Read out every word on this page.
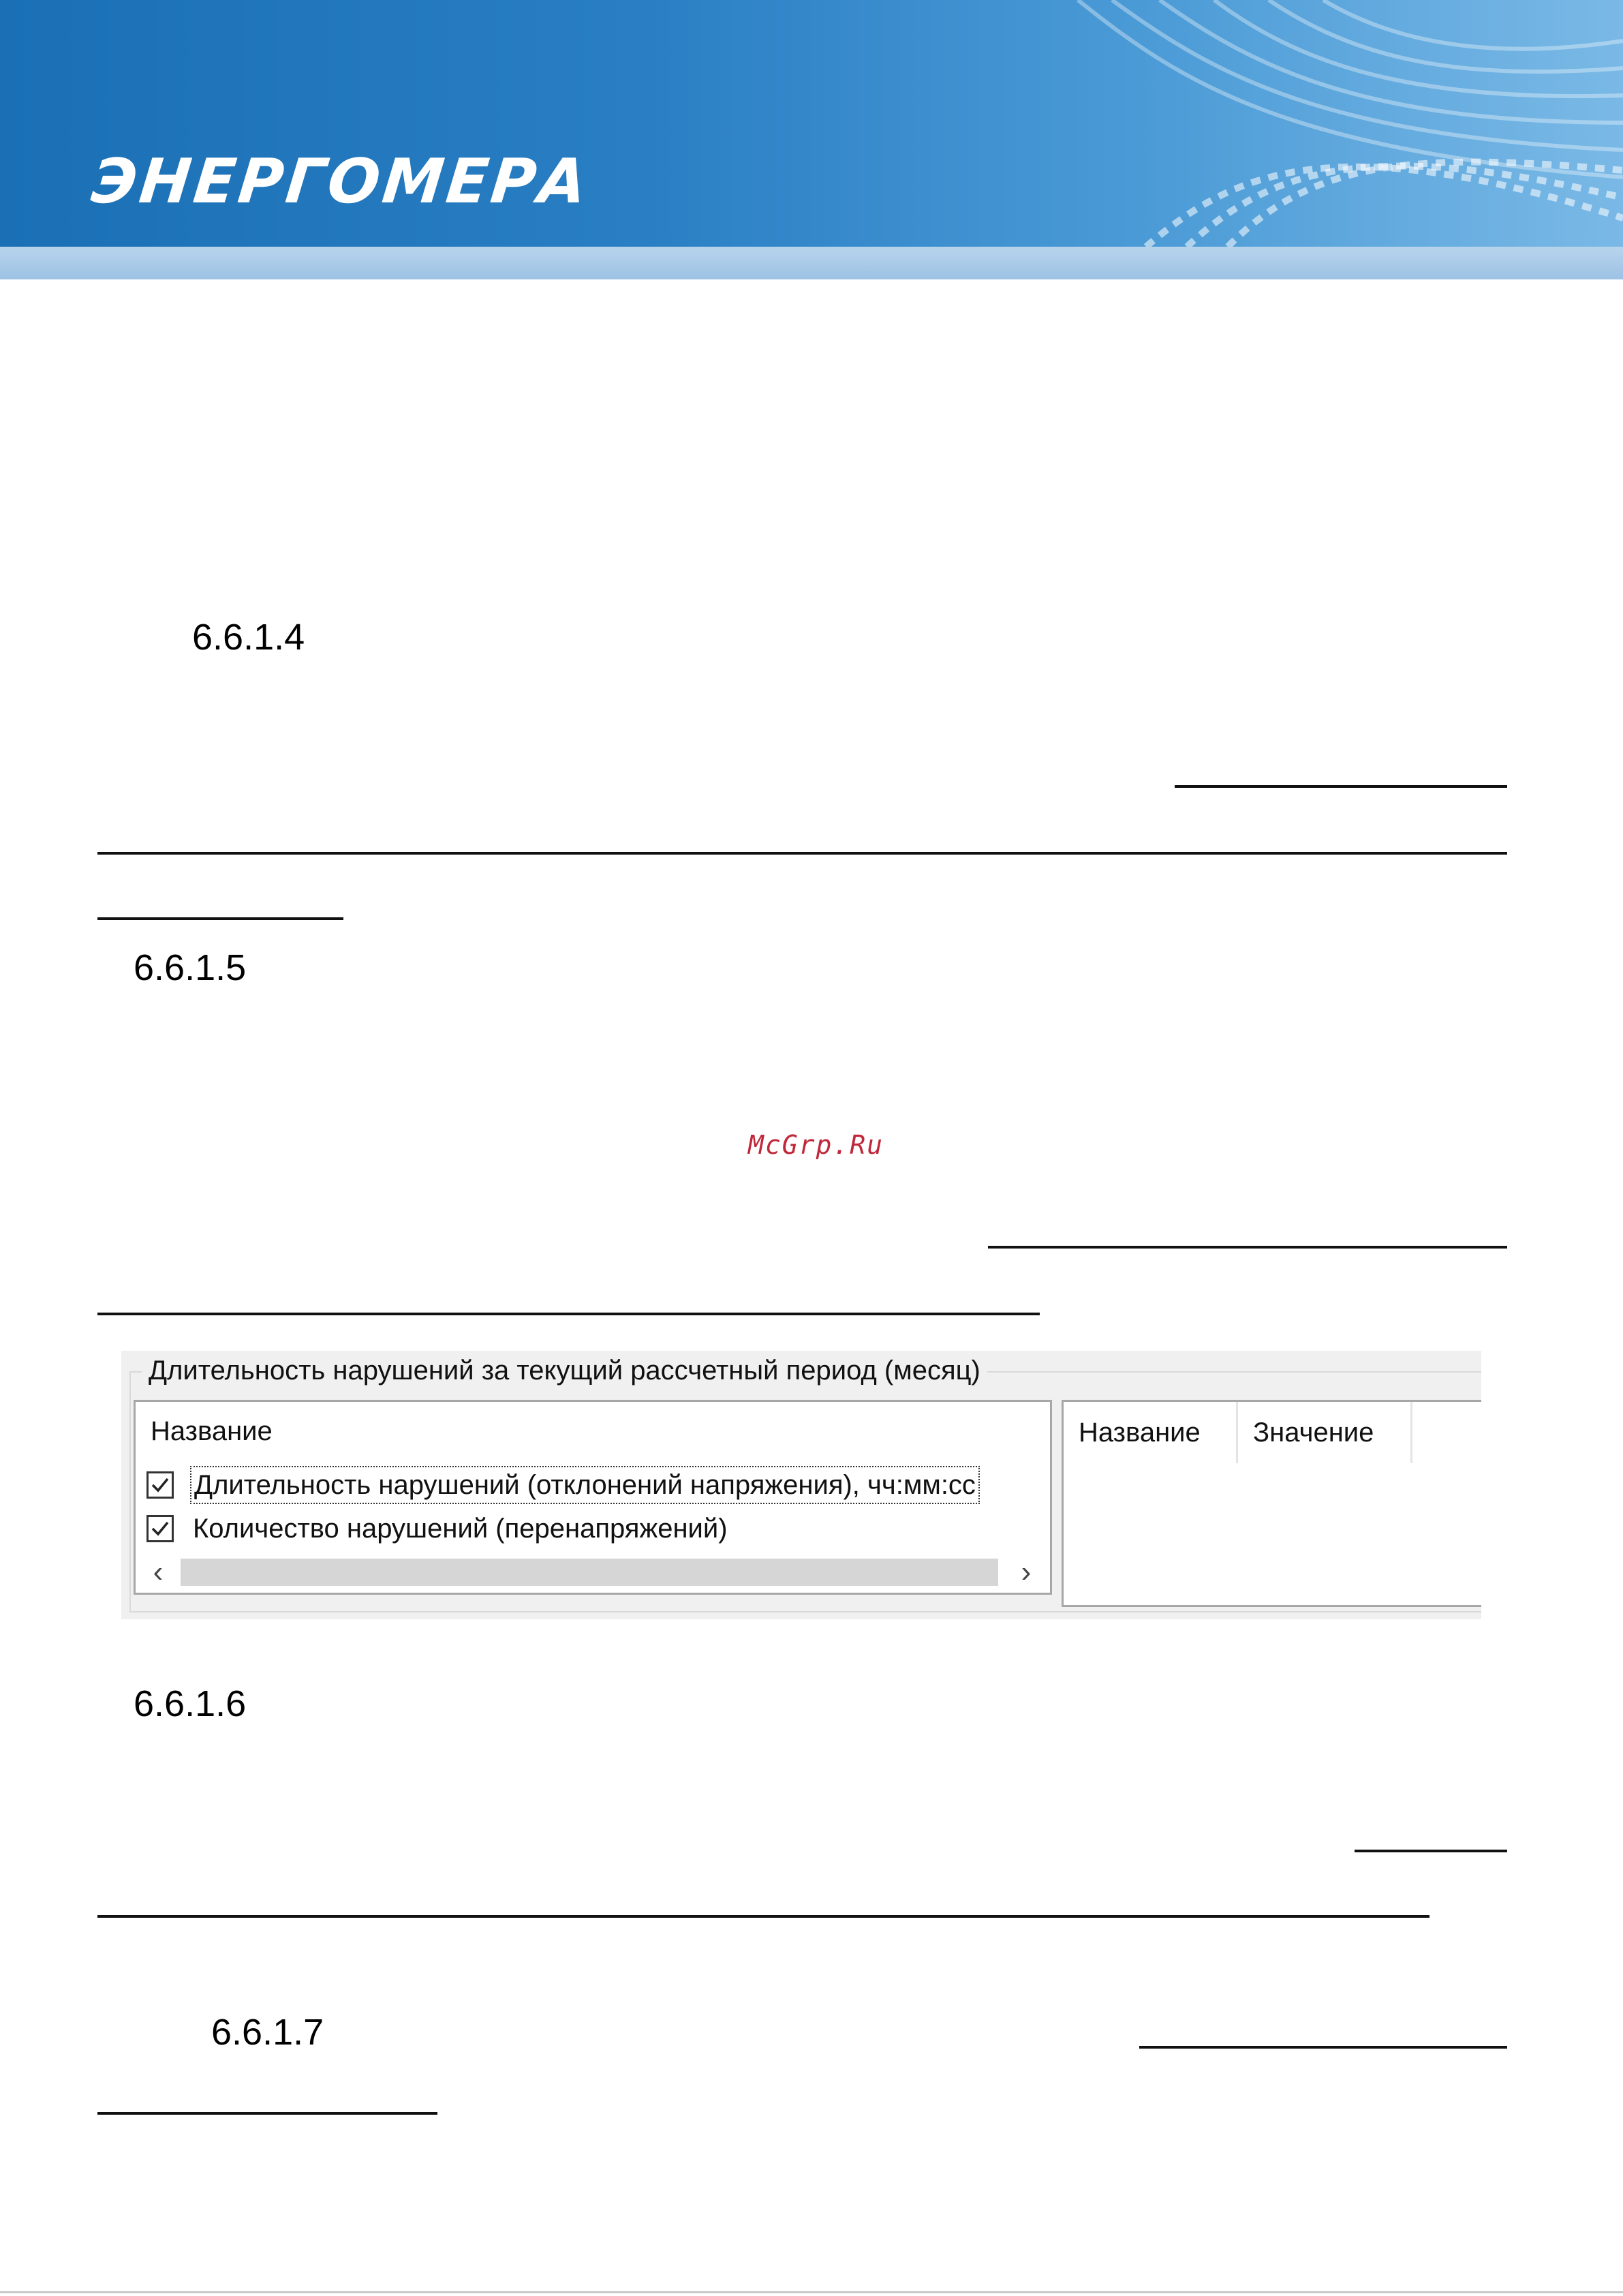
ЭНЕРГОМЕРА
6.6.1.4
6.6.1.5
McGrp.Ru
Длительность нарушений за текущий рассчетный период (месяц)
Название
Длительность нарушений (отклонений напряжения), чч:мм:сс
Количество нарушений (перенапряжений)
‹	›
Название	Значение
6.6.1.6
6.6.1.7
